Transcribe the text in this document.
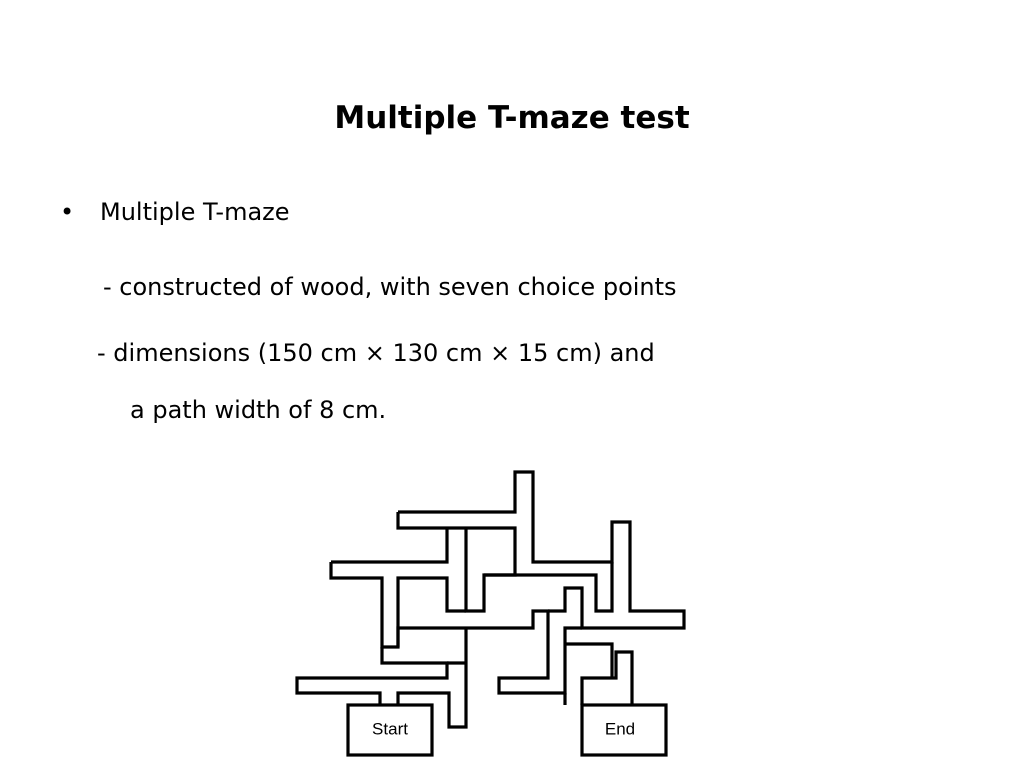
Multiple T-maze test
• Multiple T-maze
- constructed of wood, with seven choice points
- dimensions (150 cm × 130 cm × 15 cm) and
a path width of 8 cm.
Start	End
